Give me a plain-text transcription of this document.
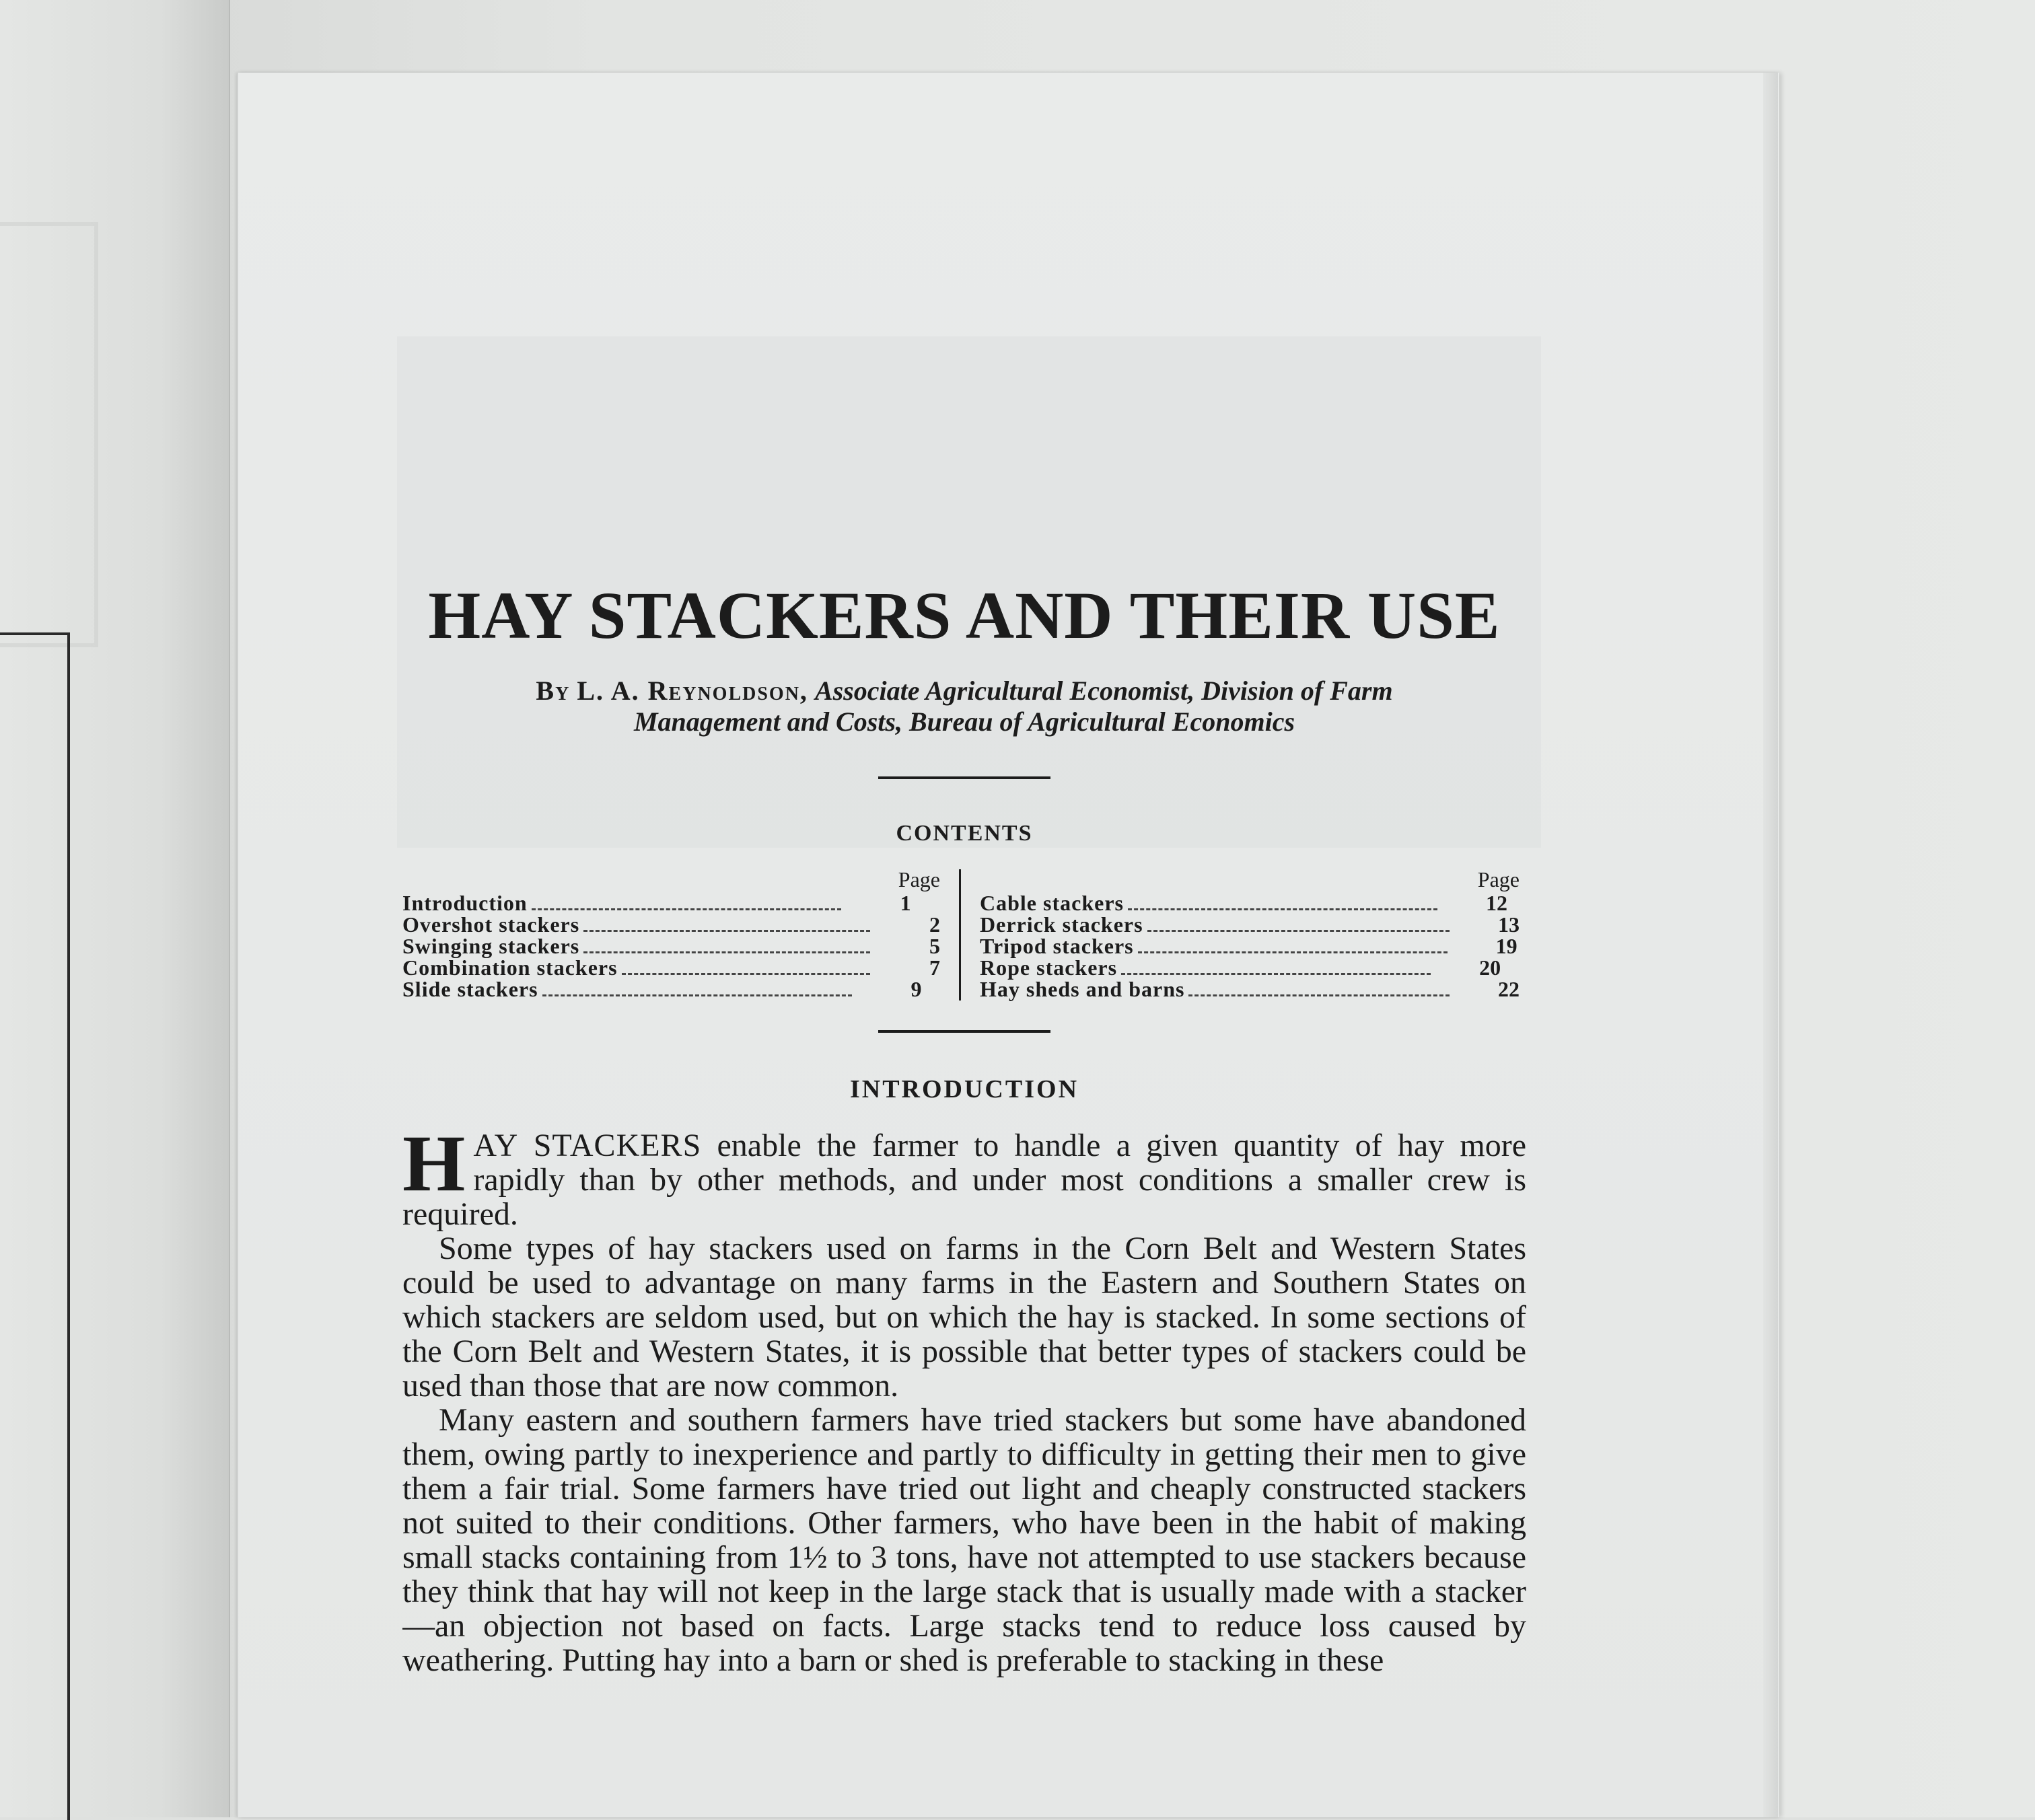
HAY STACKERS AND THEIR USE
By L. A. Reynoldson, Associate Agricultural Economist, Division of Farm
Management and Costs, Bureau of Agricultural Economics
CONTENTS
Page
Introduction	1
Overshot stackers	2
Swinging stackers	5
Combination stackers	7
Slide stackers	9
Page
Cable stackers	12
Derrick stackers	13
Tripod stackers	19
Rope stackers	20
Hay sheds and barns	22
INTRODUCTION

HAY STACKERS enable the farmer to handle a given quantity of hay more rapidly than by other methods, and under most conditions a smaller crew is required.

Some types of hay stackers used on farms in the Corn Belt and Western States could be used to advantage on many farms in the Eastern and Southern States on which stackers are seldom used, but on which the hay is stacked. In some sections of the Corn Belt and Western States, it is possible that better types of stackers could be used than those that are now common.

Many eastern and southern farmers have tried stackers but some have abandoned them, owing partly to inexperience and partly to difficulty in getting their men to give them a fair trial. Some farmers have tried out light and cheaply constructed stackers not suited to their conditions. Other farmers, who have been in the habit of making small stacks containing from 1½ to 3 tons, have not attempted to use stackers because they think that hay will not keep in the large stack that is usually made with a stacker—an objection not based on facts. Large stacks tend to reduce loss caused by weathering. Putting hay into a barn or shed is preferable to stacking in these
